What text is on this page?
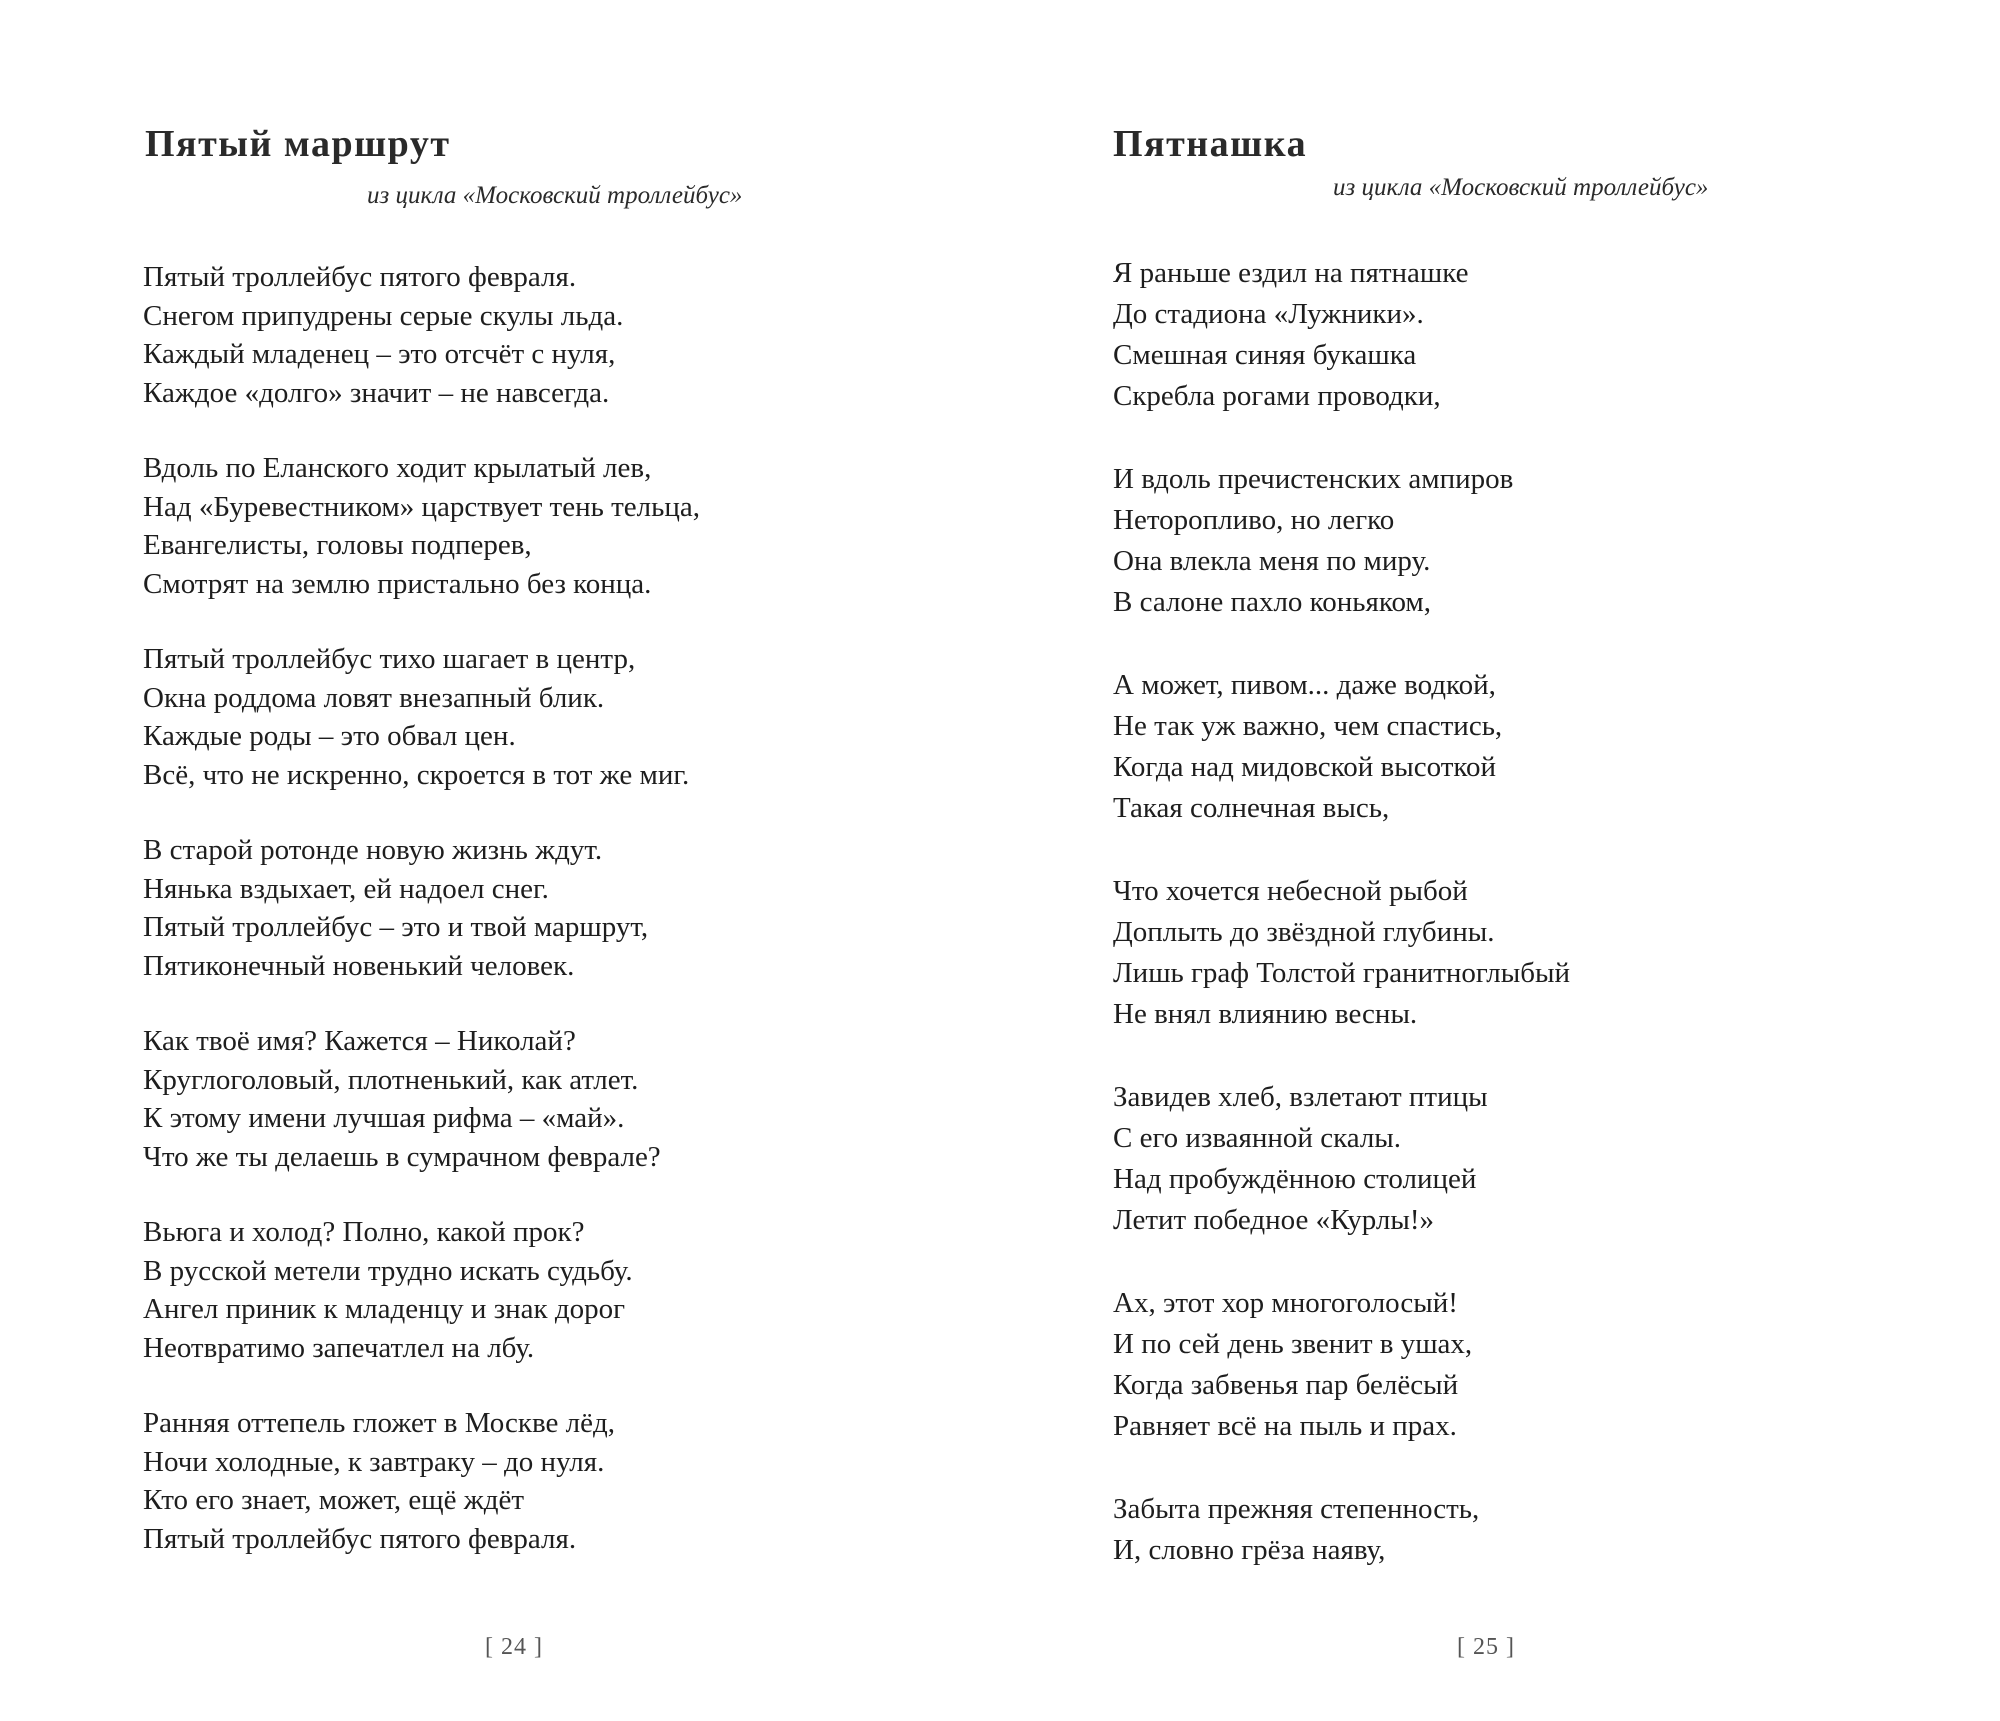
Пятый маршрут
из цикла «Московский троллейбус»
Пятый троллейбус пятого февраля.
Снегом припудрены серые скулы льда.
Каждый младенец – это отсчёт с нуля,
Каждое «долго» значит – не навсегда.
Вдоль по Еланского ходит крылатый лев,
Над «Буревестником» царствует тень тельца,
Евангелисты, головы подперев,
Смотрят на землю пристально без конца.
Пятый троллейбус тихо шагает в центр,
Окна роддома ловят внезапный блик.
Каждые роды – это обвал цен.
Всё, что не искренно, скроется в тот же миг.
В старой ротонде новую жизнь ждут.
Нянька вздыхает, ей надоел снег.
Пятый троллейбус – это и твой маршрут,
Пятиконечный новенький человек.
Как твоё имя? Кажется – Николай?
Круглоголовый, плотненький, как атлет.
К этому имени лучшая рифма – «май».
Что же ты делаешь в сумрачном феврале?
Вьюга и холод? Полно, какой прок?
В русской метели трудно искать судьбу.
Ангел приник к младенцу и знак дорог
Неотвратимо запечатлел на лбу.
Ранняя оттепель гложет в Москве лёд,
Ночи холодные, к завтраку – до нуля.
Кто его знает, может, ещё ждёт
Пятый троллейбус пятого февраля.
[ 24 ]
Пятнашка
из цикла «Московский троллейбус»
Я раньше ездил на пятнашке
До стадиона «Лужники».
Смешная синяя букашка
Скребла рогами проводки,
И вдоль пречистенских ампиров
Неторопливо, но легко
Она влекла меня по миру.
В салоне пахло коньяком,
А может, пивом... даже водкой,
Не так уж важно, чем спастись,
Когда над мидовской высоткой
Такая солнечная высь,
Что хочется небесной рыбой
Доплыть до звёздной глубины.
Лишь граф Толстой гранитноглыбый
Не внял влиянию весны.
Завидев хлеб, взлетают птицы
С его изваянной скалы.
Над пробуждённою столицей
Летит победное «Курлы!»
Ах, этот хор многоголосый!
И по сей день звенит в ушах,
Когда забвенья пар белёсый
Равняет всё на пыль и прах.
Забыта прежняя степенность,
И, словно грёза наяву,
[ 25 ]
